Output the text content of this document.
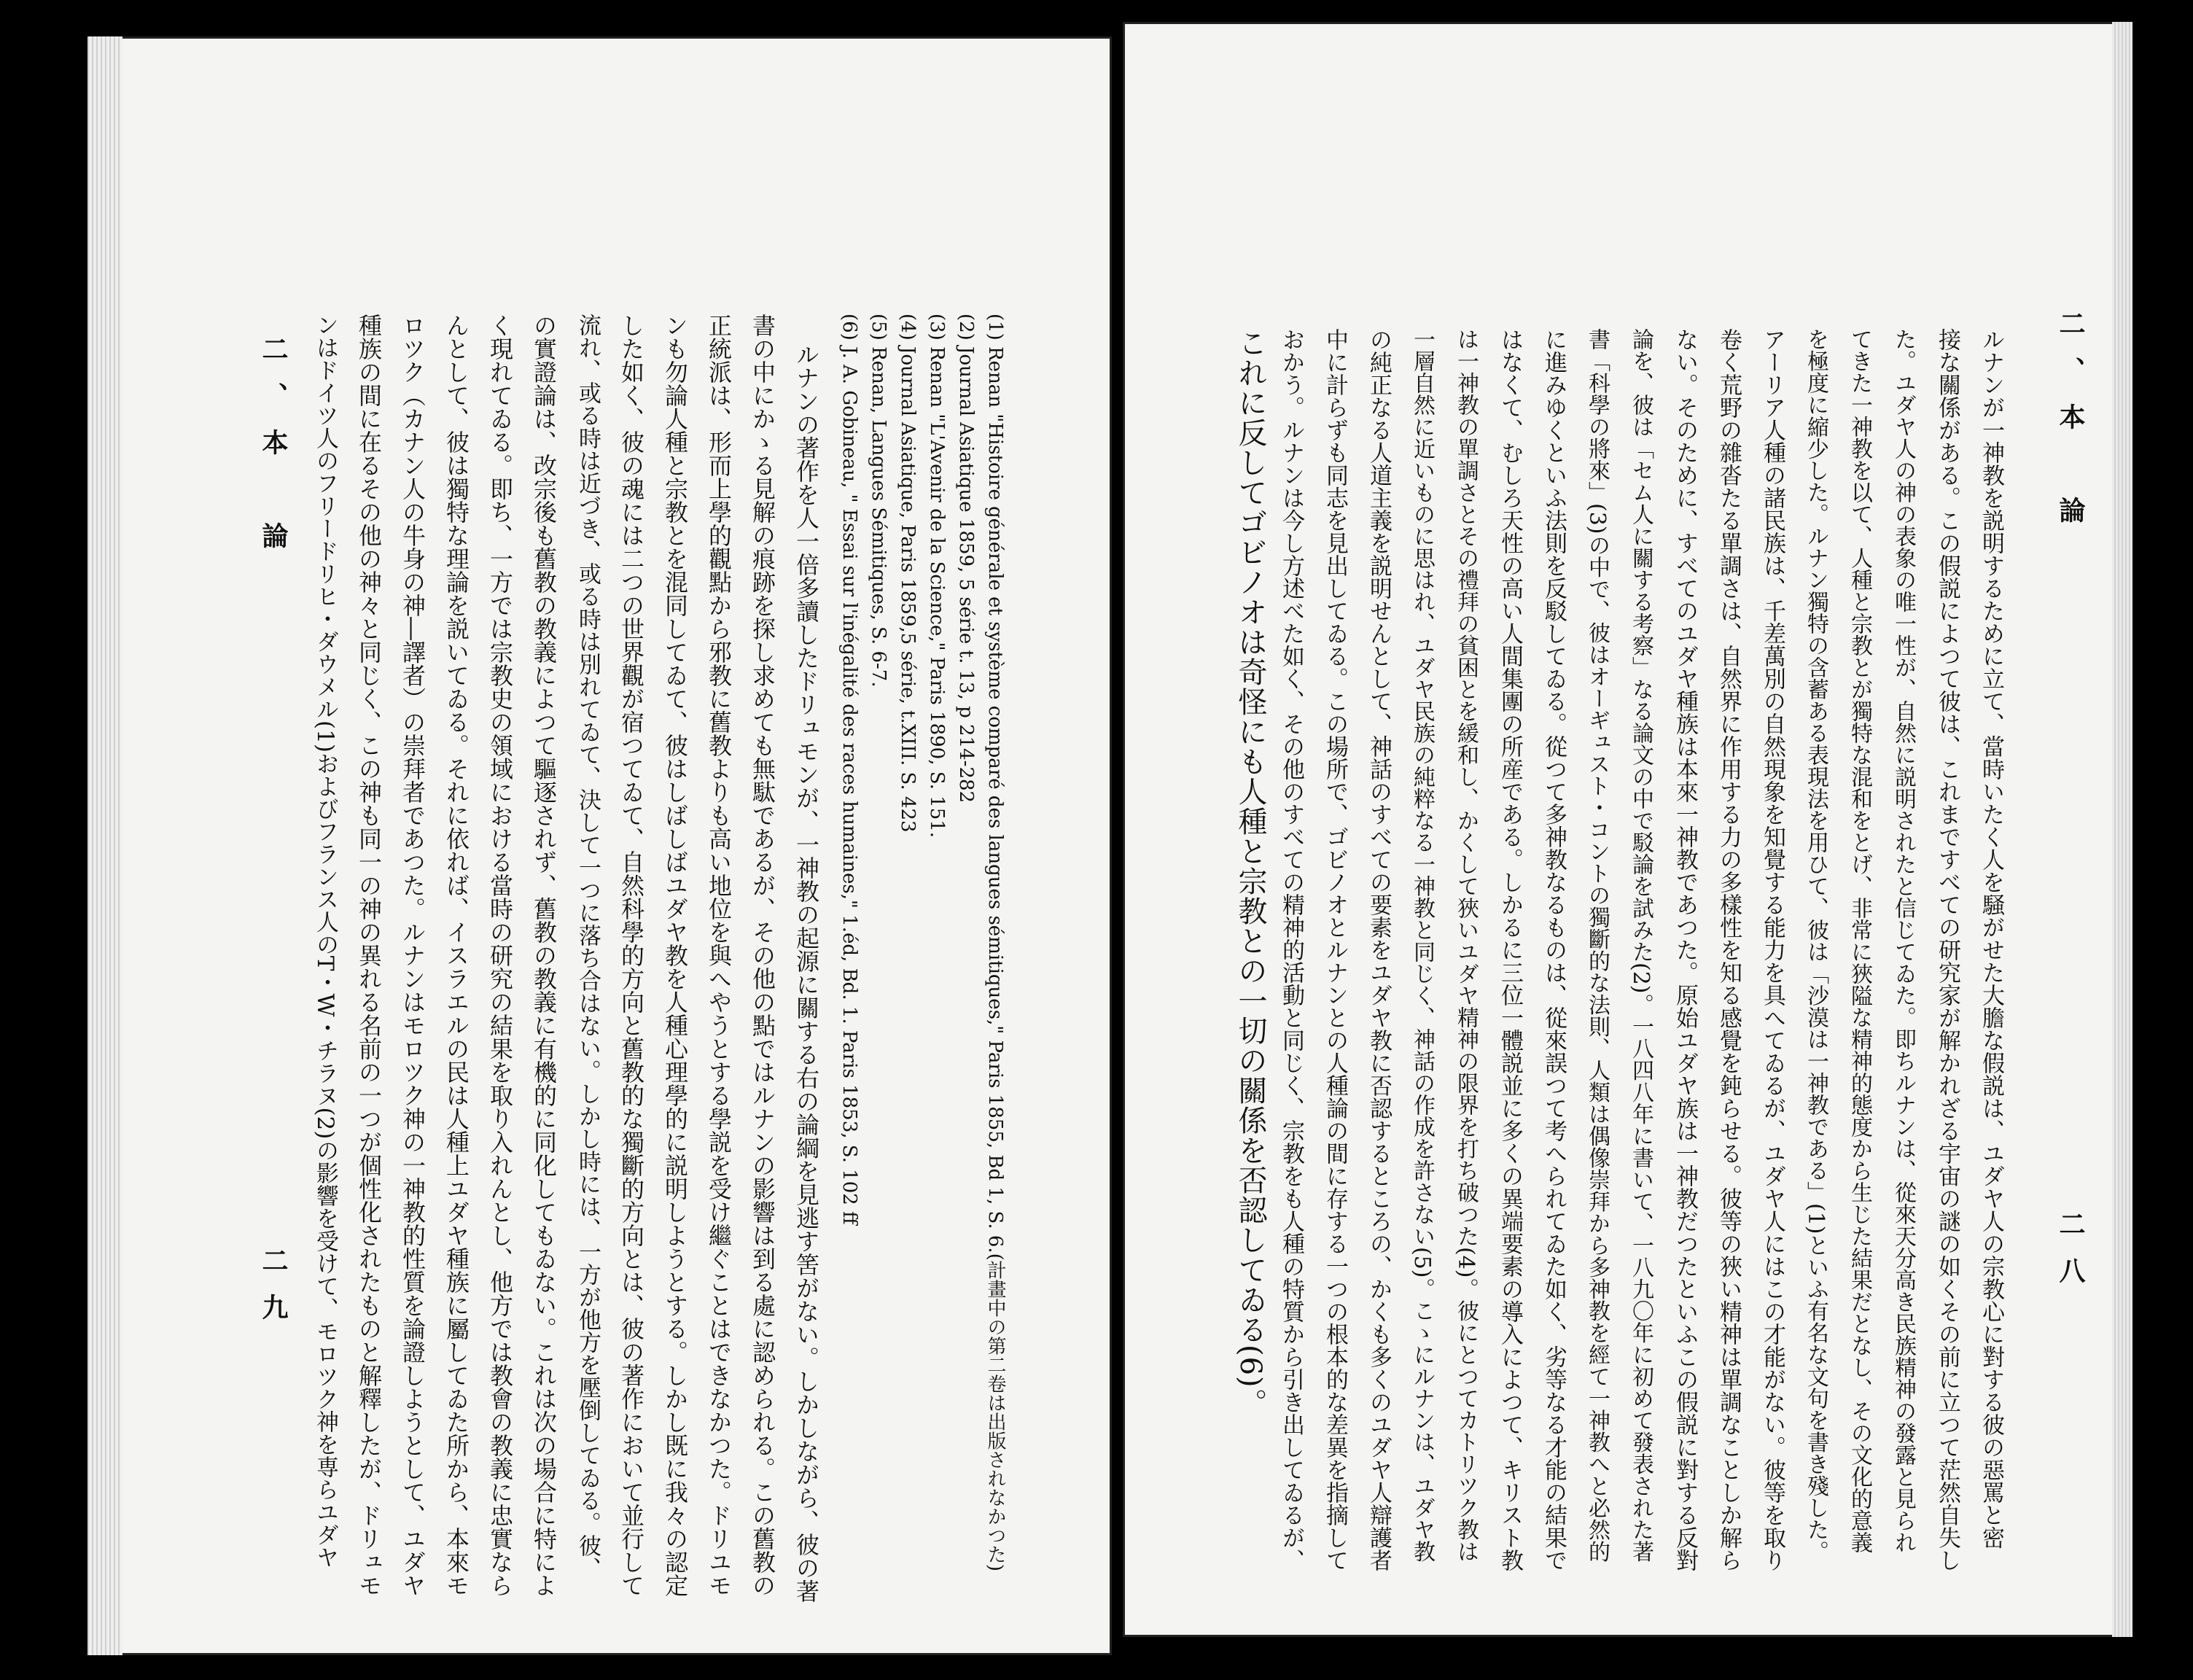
(1) Renan "Histoire générale et système comparé des langues sémitiques," Paris 1855, Bd 1, S. 6.(計畫中の第二卷は出版されなかつた)
(2) Journal Asiatique 1859, 5 série t. 13, p 214-282
(3) Renan "L'Avenir de la Science," Paris 1890, S. 151.
(4) Journal Asiatique, Paris 1859,5 série, t.XIII. S. 423
(5) Renan, Langues Sémitiques, S. 6-7.
(6) J. A. Gobineau, " Essai sur l'inégalité des races humaines," 1.éd, Bd. 1. Paris 1853, S. 102 ff
ルナンの著作を人一倍多讀したドリュモンが、一神教の起源に關する右の論綱を見逃す筈がない。しかしながら、彼の著
書の中にかゝる見解の痕跡を探し求めても無駄であるが、その他の點ではルナンの影響は到る處に認められる。この舊教の
正統派は、形而上學的觀點から邪教に舊教よりも高い地位を與へやうとする學説を受け繼ぐことはできなかつた。ドリユモ
ンも勿論人種と宗教とを混同してゐて、彼はしばしばユダヤ教を人種心理學的に説明しようとする。しかし既に我々の認定
した如く、彼の魂には二つの世界觀が宿つてゐて、自然科學的方向と舊教的な獨斷的方向とは、彼の著作において並行して
流れ、或る時は近づき、或る時は別れてゐて、決して一つに落ち合はない。しかし時には、一方が他方を壓倒してゐる。彼、
の實證論は、改宗後も舊教の教義によつて驅逐されず、舊教の教義に有機的に同化してもゐない。これは次の場合に特によ
く現れてゐる。即ち、一方では宗教史の領域における當時の研究の結果を取り入れんとし、他方では教會の教義に忠實なら
んとして、彼は獨特な理論を説いてゐる。それに依れば、イスラエルの民は人種上ユダヤ種族に屬してゐた所から、本來モ
ロツク（カナン人の牛身の神―譯者）の崇拜者であつた。ルナンはモロツク神の一神教的性質を論證しようとして、ユダヤ
種族の間に在るその他の神々と同じく、この神も同一の神の異れる名前の一つが個性化されたものと解釋したが、ドリュモ
ンはドイツ人のフリードリヒ・ダウメル(1)およびフランス人のT・W・チラヌ(2)の影響を受けて、モロツク神を専らユダヤ
二、本　論
二九
二、本　論
二八
ルナンが一神教を説明するために立て、當時いたく人を騒がせた大膽な假説は、ユダヤ人の宗教心に對する彼の惡罵と密
接な關係がある。この假説によつて彼は、これまですべての研究家が解かれざる宇宙の謎の如くその前に立つて茫然自失し
た。ユダヤ人の神の表象の唯一性が、自然に説明されたと信じてゐた。即ちルナンは、從來天分高き民族精神の發露と見られ
てきた一神教を以て、人種と宗教とが獨特な混和をとげ、非常に狹隘な精神的態度から生じた結果だとなし、その文化的意義
を極度に縮少した。ルナン獨特の含蓄ある表現法を用ひて、彼は「沙漠は一神教である」(1)といふ有名な文句を書き殘した。
アーリア人種の諸民族は、千差萬別の自然現象を知覺する能力を具へてゐるが、ユダヤ人にはこの才能がない。彼等を取り
卷く荒野の雜沓たる單調さは、自然界に作用する力の多樣性を知る感覺を鈍らせる。彼等の狹い精神は單調なことしか解ら
ない。そのために、すべてのユダヤ種族は本來一神教であつた。原始ユダヤ族は一神教だつたといふこの假説に對する反對
論を、彼は「セム人に關する考察」なる論文の中で駁論を試みた(2)。一八四八年に書いて、一八九〇年に初めて發表された著
書「科學の將來」(3)の中で、彼はオーギュスト・コントの獨斷的な法則、人類は偶像崇拜から多神教を經て一神教へと必然的
に進みゆくといふ法則を反駁してゐる。從つて多神教なるものは、從來誤つて考へられてゐた如く、劣等なる才能の結果で
はなくて、むしろ天性の高い人間集團の所産である。しかるに三位一體説並に多くの異端要素の導入によつて、キリスト教
は一神教の單調さとその禮拜の貧困とを緩和し、かくして狹いユダヤ精神の限界を打ち破つた(4)。彼にとつてカトリツク教は
一層自然に近いものに思はれ、ユダヤ民族の純粹なる一神教と同じく、神話の作成を許さない(5)。こゝにルナンは、ユダヤ教
の純正なる人道主義を説明せんとして、神話のすべての要素をユダヤ教に否認するところの、かくも多くのユダヤ人辯護者
中に計らずも同志を見出してゐる。この場所で、ゴビノオとルナンとの人種論の間に存する一つの根本的な差異を指摘して
おかう。ルナンは今し方述べた如く、その他のすべての精神的活動と同じく、宗教をも人種の特質から引き出してゐるが、
これに反してゴビノオは奇怪にも人種と宗教との一切の關係を否認してゐる(6)。
